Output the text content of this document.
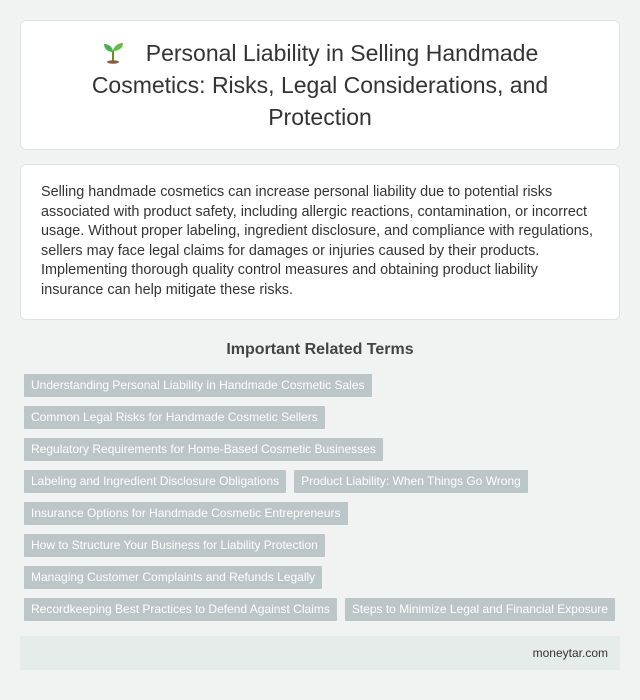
Personal Liability in Selling Handmade Cosmetics: Risks, Legal Considerations, and Protection

Selling handmade cosmetics can increase personal liability due to potential risks associated with product safety, including allergic reactions, contamination, or incorrect usage. Without proper labeling, ingredient disclosure, and compliance with regulations, sellers may face legal claims for damages or injuries caused by their products. Implementing thorough quality control measures and obtaining product liability insurance can help mitigate these risks.

Important Related Terms
Understanding Personal Liability in Handmade Cosmetic Sales
Common Legal Risks for Handmade Cosmetic Sellers
Regulatory Requirements for Home-Based Cosmetic Businesses
Labeling and Ingredient Disclosure Obligations	Product Liability: When Things Go Wrong
Insurance Options for Handmade Cosmetic Entrepreneurs
How to Structure Your Business for Liability Protection
Managing Customer Complaints and Refunds Legally
Recordkeeping Best Practices to Defend Against Claims	Steps to Minimize Legal and Financial Exposure
moneytar.com
